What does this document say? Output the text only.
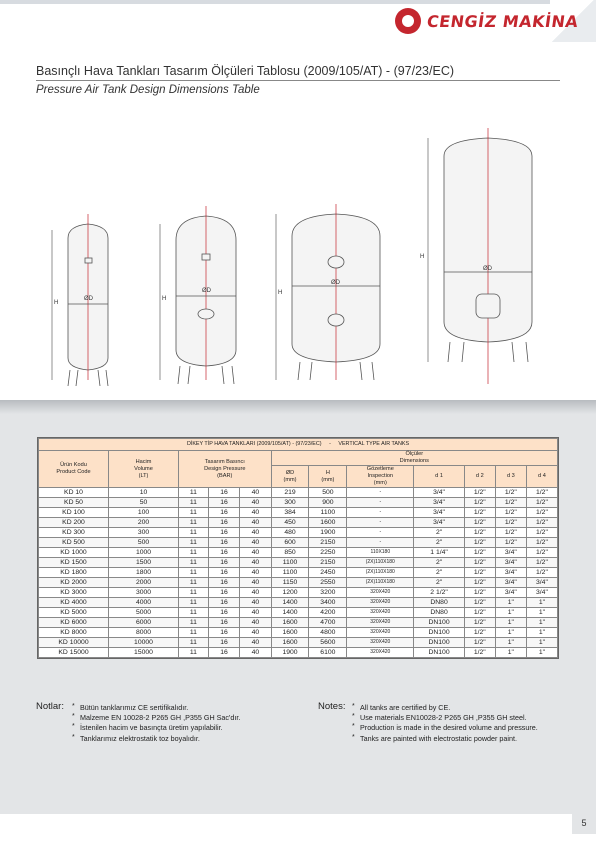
CENGİZ MAKİNA
Basınçlı Hava Tankları Tasarım Ölçüleri Tablosu (2009/105/AT) - (97/23/EC)
Pressure Air Tank Design Dimensions Table
ØD
ØD
ØD
ØD
H
H
H
H
DİKEY TİP HAVA TANKLARI (2009/105/AT) - (97/23/EC) - VERTICAL TYPE AIR TANKS											
Ürün Kodu
Product Code	Hacim
Volume
(LT)	Tasarım Basıncı
Design Pressure
(BAR)			Ölçüler
Dimensions						
					ØD
(mm)	H
(mm)	Gözetleme
Inspection
(mm)	d 1	d 2	d 3	d 4
KD 10	10	11	16	40	219	500	-	3/4"	1/2"	1/2"	1/2"
KD 50	50	11	16	40	300	900	-	3/4"	1/2"	1/2"	1/2"
KD 100	100	11	16	40	384	1100	-	3/4"	1/2"	1/2"	1/2"
KD 200	200	11	16	40	450	1600	-	3/4"	1/2"	1/2"	1/2"
KD 300	300	11	16	40	480	1900	-	2"	1/2"	1/2"	1/2"
KD 500	500	11	16	40	600	2150	-	2"	1/2"	1/2"	1/2"
KD 1000	1000	11	16	40	850	2250	110X180	1 1/4"	1/2"	3/4"	1/2"
KD 1500	1500	11	16	40	1100	2150	(2X)110X180	2"	1/2"	3/4"	1/2"
KD 1800	1800	11	16	40	1100	2450	(2X)110X180	2"	1/2"	3/4"	1/2"
KD 2000	2000	11	16	40	1150	2550	(2X)110X180	2"	1/2"	3/4"	3/4"
KD 3000	3000	11	16	40	1200	3200	320X420	2 1/2"	1/2"	3/4"	3/4"
KD 4000	4000	11	16	40	1400	3400	320X420	DN80	1/2"	1"	1"
KD 5000	5000	11	16	40	1400	4200	320X420	DN80	1/2"	1"	1"
KD 6000	6000	11	16	40	1600	4700	320X420	DN100	1/2"	1"	1"
KD 8000	8000	11	16	40	1600	4800	320X420	DN100	1/2"	1"	1"
KD 10000	10000	11	16	40	1600	5600	320X420	DN100	1/2"	1"	1"
KD 15000	15000	11	16	40	1900	6100	320X420	DN100	1/2"	1"	1"
Notlar:	* Bütün tanklarımız CE sertifikalıdır.
* Malzeme EN 10028-2 P265 GH ,P355 GH Sac'dır.
* İstenilen hacim ve basınçta üretim yapılabilir.
* Tanklarımız elektrostatik toz boyalıdır.
Notes:	* All tanks are certified by CE.
* Use materials EN10028-2 P265 GH ,P355 GH steel.
* Production is made in the desired volume and pressure.
* Tanks are painted with electrostatic powder paint.
5
